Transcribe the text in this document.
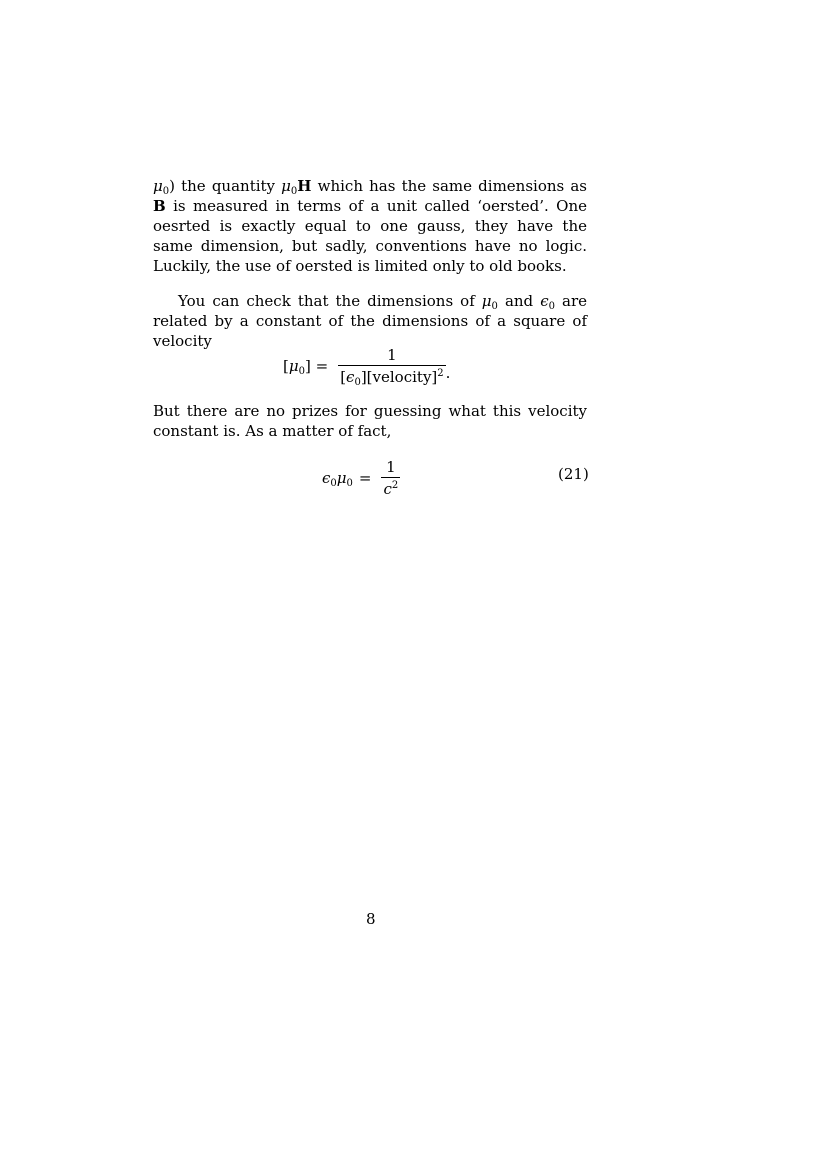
$\mu_0$) the quantity $\mu_0H$ which has the same dimensions as B is measured in terms of a unit called ‘oersted’. One oesrted is exactly equal to one gauss, they have the same dimension, but sadly, conventions have no logic. Luckily, the use of oersted is limited only to old books.

You can check that the dimensions of $\mu_0$ and $\epsilon_0$ are related by a constant of the dimensions of a square of velocity

$[\mu_0] = \frac{1}{[\epsilon_0][velocity]^2}$ .

But there are no prizes for guessing what this velocity constant is. As a matter of fact,

$\epsilon_0\mu_0 = \frac{1}{c^2}$	(21)
8
